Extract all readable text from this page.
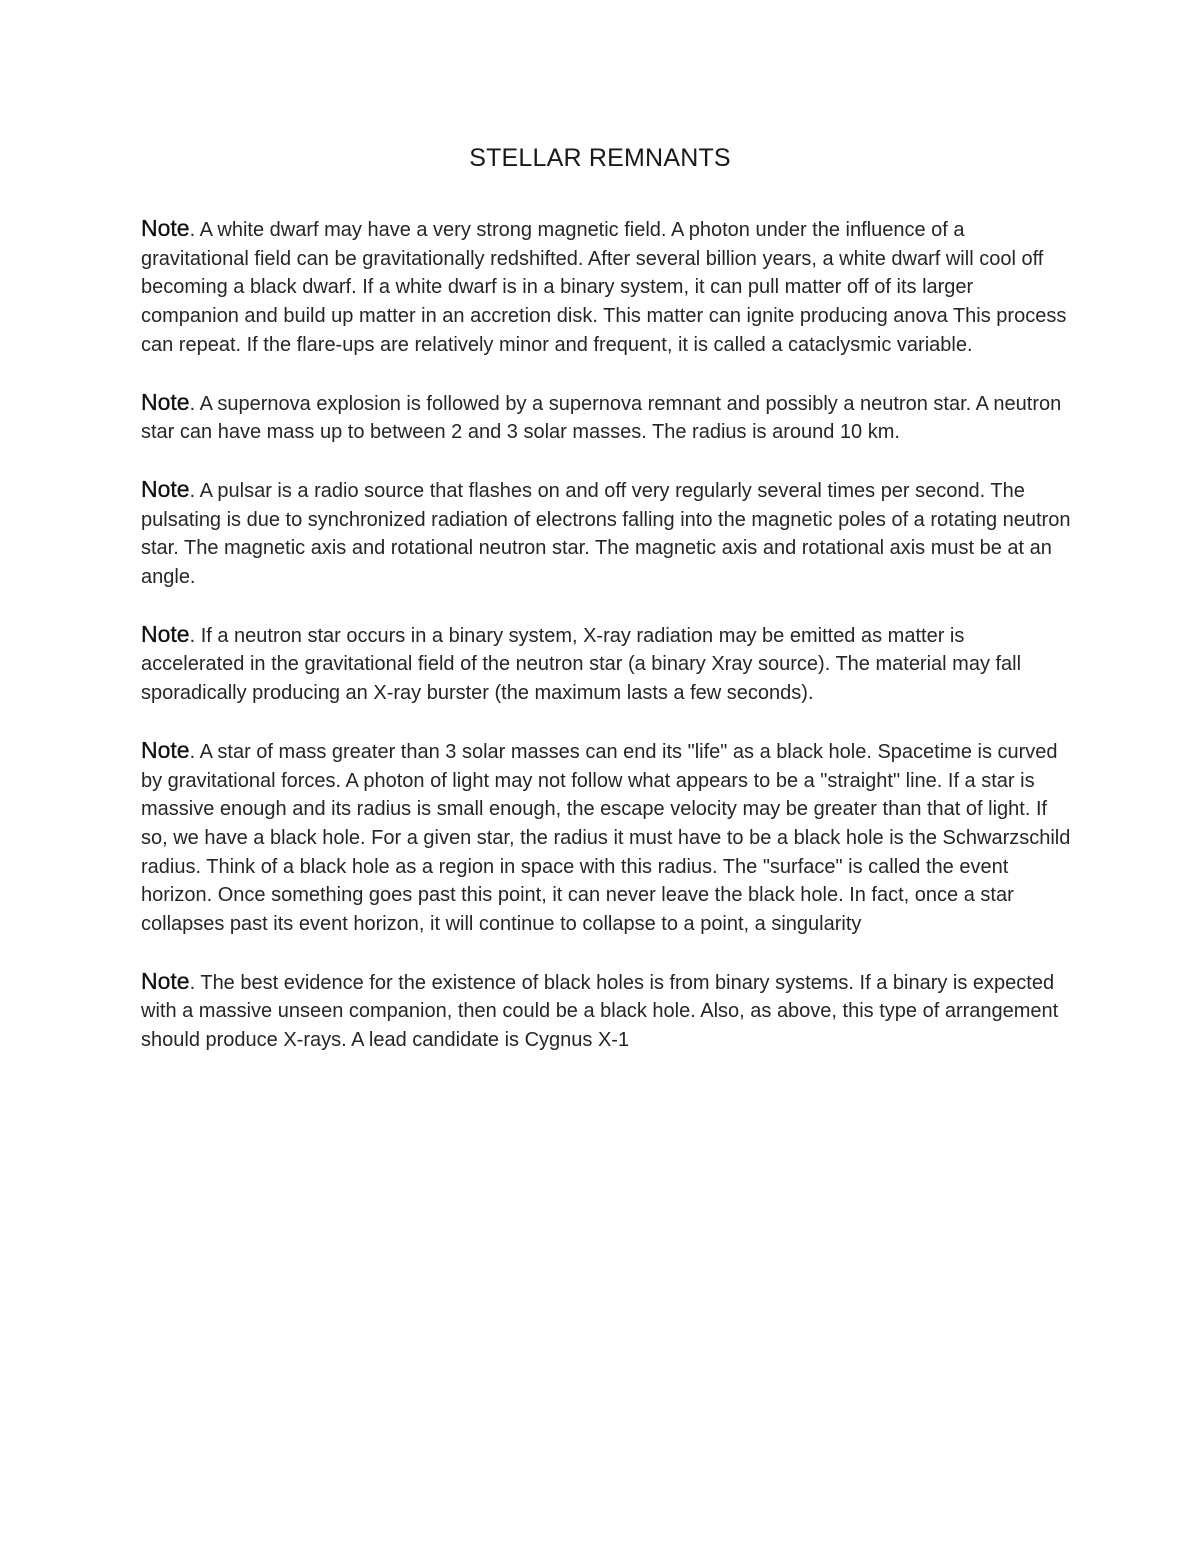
STELLAR REMNANTS

Note. A white dwarf may have a very strong magnetic field. A photon under the influence of a gravitational field can be gravitationally redshifted. After several billion years, a white dwarf will cool off becoming a black dwarf. If a white dwarf is in a binary system, it can pull matter off of its larger companion and build up matter in an accretion disk. This matter can ignite producing anova This process can repeat. If the flare-ups are relatively minor and frequent, it is called a cataclysmic variable.

Note. A supernova explosion is followed by a supernova remnant and possibly a neutron star. A neutron star can have mass up to between 2 and 3 solar masses. The radius is around 10 km.

Note. A pulsar is a radio source that flashes on and off very regularly several times per second. The pulsating is due to synchronized radiation of electrons falling into the magnetic poles of a rotating neutron star. The magnetic axis and rotational neutron star. The magnetic axis and rotational axis must be at an angle.

Note. If a neutron star occurs in a binary system, X-ray radiation may be emitted as matter is accelerated in the gravitational field of the neutron star (a binary Xray source). The material may fall sporadically producing an X-ray burster (the maximum lasts a few seconds).

Note. A star of mass greater than 3 solar masses can end its "life" as a black hole. Spacetime is curved by gravitational forces. A photon of light may not follow what appears to be a "straight" line. If a star is massive enough and its radius is small enough, the escape velocity may be greater than that of light. If so, we have a black hole. For a given star, the radius it must have to be a black hole is the Schwarzschild radius. Think of a black hole as a region in space with this radius. The "surface" is called the event horizon. Once something goes past this point, it can never leave the black hole. In fact, once a star collapses past its event horizon, it will continue to collapse to a point, a singularity

Note. The best evidence for the existence of black holes is from binary systems. If a binary is expected with a massive unseen companion, then could be a black hole. Also, as above, this type of arrangement should produce X-rays. A lead candidate is Cygnus X-1
